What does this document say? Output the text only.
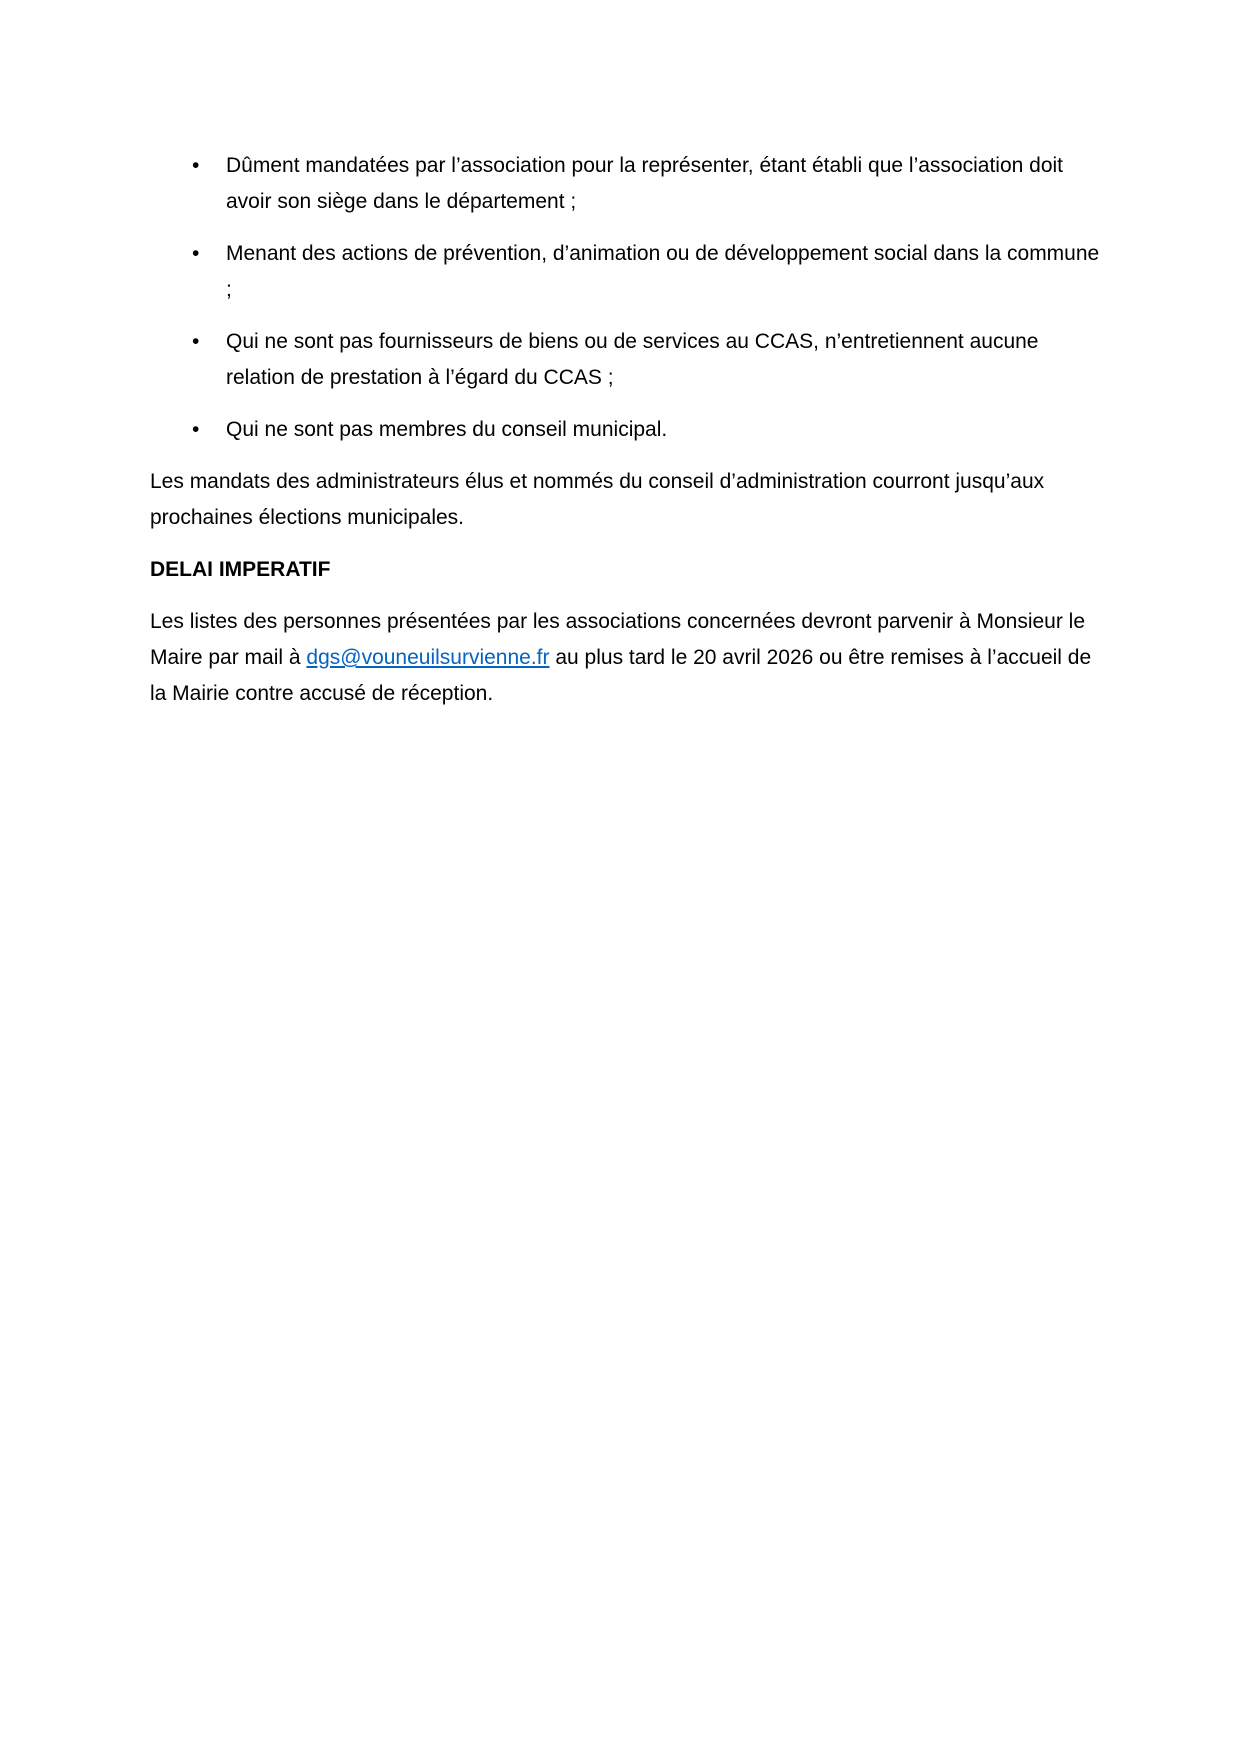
• Dûment mandatées par l’association pour la représenter, étant établi que l’association doit avoir son siège dans le département ;
• Menant des actions de prévention, d’animation ou de développement social dans la commune ;
• Qui ne sont pas fournisseurs de biens ou de services au CCAS, n’entretiennent aucune relation de prestation à l’égard du CCAS ;
• Qui ne sont pas membres du conseil municipal.

Les mandats des administrateurs élus et nommés du conseil d’administration courront jusqu’aux prochaines élections municipales.

DELAI IMPERATIF

Les listes des personnes présentées par les associations concernées devront parvenir à Monsieur le Maire par mail à dgs@vouneuilsurvienne.fr au plus tard le 20 avril 2026 ou être remises à l’accueil de la Mairie contre accusé de réception.
